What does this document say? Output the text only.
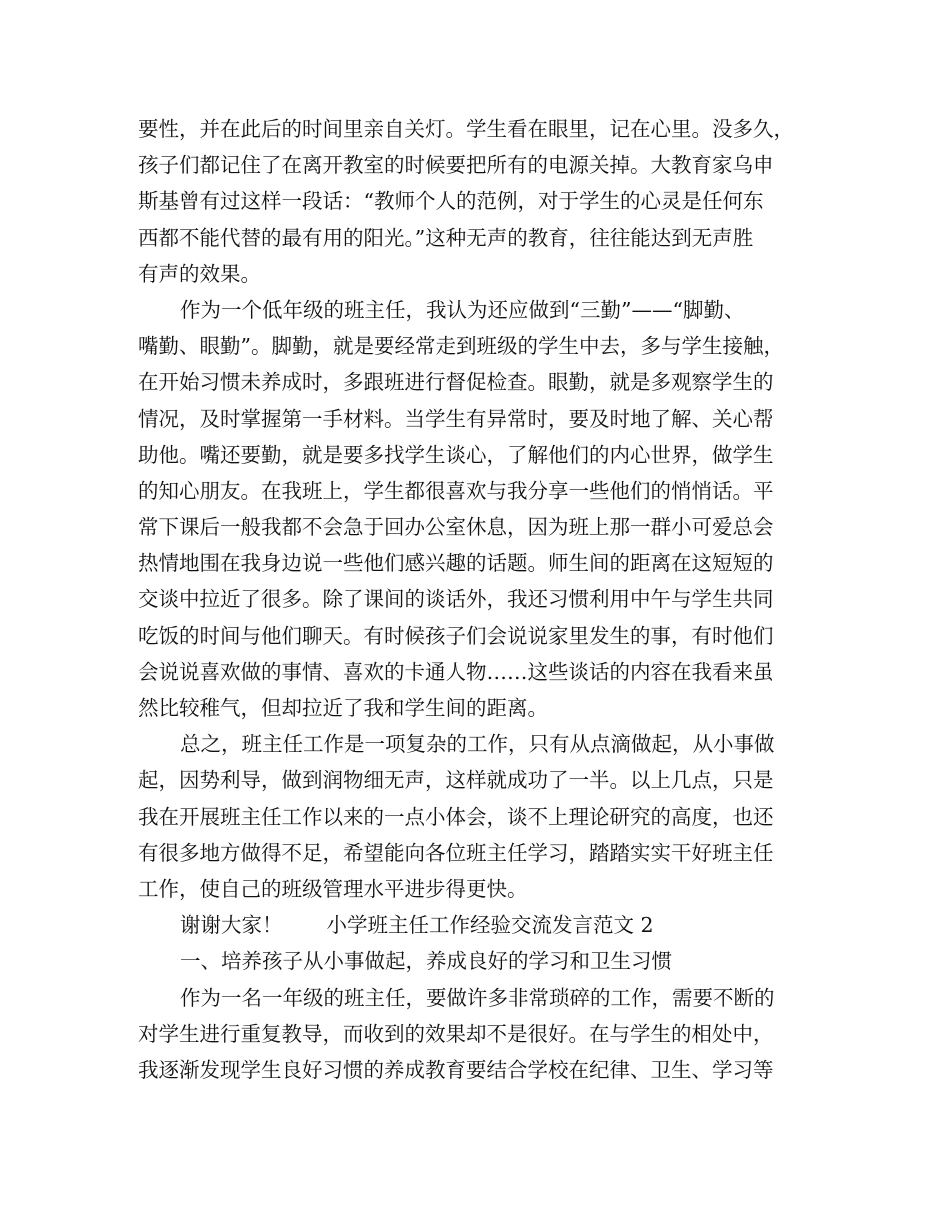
要性，并在此后的时间里亲自关灯。学生看在眼里，记在心里。没多久，
孩子们都记住了在离开教室的时候要把所有的电源关掉。大教育家乌申
斯基曾有过这样一段话：“教师个人的范例，对于学生的心灵是任何东
西都不能代替的最有用的阳光。”这种无声的教育，往往能达到无声胜
有声的效果。
作为一个低年级的班主任，我认为还应做到“三勤”——“脚勤、
嘴勤、眼勤”。脚勤，就是要经常走到班级的学生中去，多与学生接触，
在开始习惯未养成时，多跟班进行督促检查。眼勤，就是多观察学生的
情况，及时掌握第一手材料。当学生有异常时，要及时地了解、关心帮
助他。嘴还要勤，就是要多找学生谈心，了解他们的内心世界，做学生
的知心朋友。在我班上，学生都很喜欢与我分享一些他们的悄悄话。平
常下课后一般我都不会急于回办公室休息，因为班上那一群小可爱总会
热情地围在我身边说一些他们感兴趣的话题。师生间的距离在这短短的
交谈中拉近了很多。除了课间的谈话外，我还习惯利用中午与学生共同
吃饭的时间与他们聊天。有时候孩子们会说说家里发生的事，有时他们
会说说喜欢做的事情、喜欢的卡通人物……这些谈话的内容在我看来虽
然比较稚气，但却拉近了我和学生间的距离。
总之，班主任工作是一项复杂的工作，只有从点滴做起，从小事做
起，因势利导，做到润物细无声，这样就成功了一半。以上几点，只是
我在开展班主任工作以来的一点小体会，谈不上理论研究的高度，也还
有很多地方做得不足，希望能向各位班主任学习，踏踏实实干好班主任
工作，使自己的班级管理水平进步得更快。
谢谢大家！ 小学班主任工作经验交流发言范文 2
一、培养孩子从小事做起，养成良好的学习和卫生习惯
作为一名一年级的班主任，要做许多非常琐碎的工作，需要不断的
对学生进行重复教导，而收到的效果却不是很好。在与学生的相处中，
我逐渐发现学生良好习惯的养成教育要结合学校在纪律、卫生、学习等
